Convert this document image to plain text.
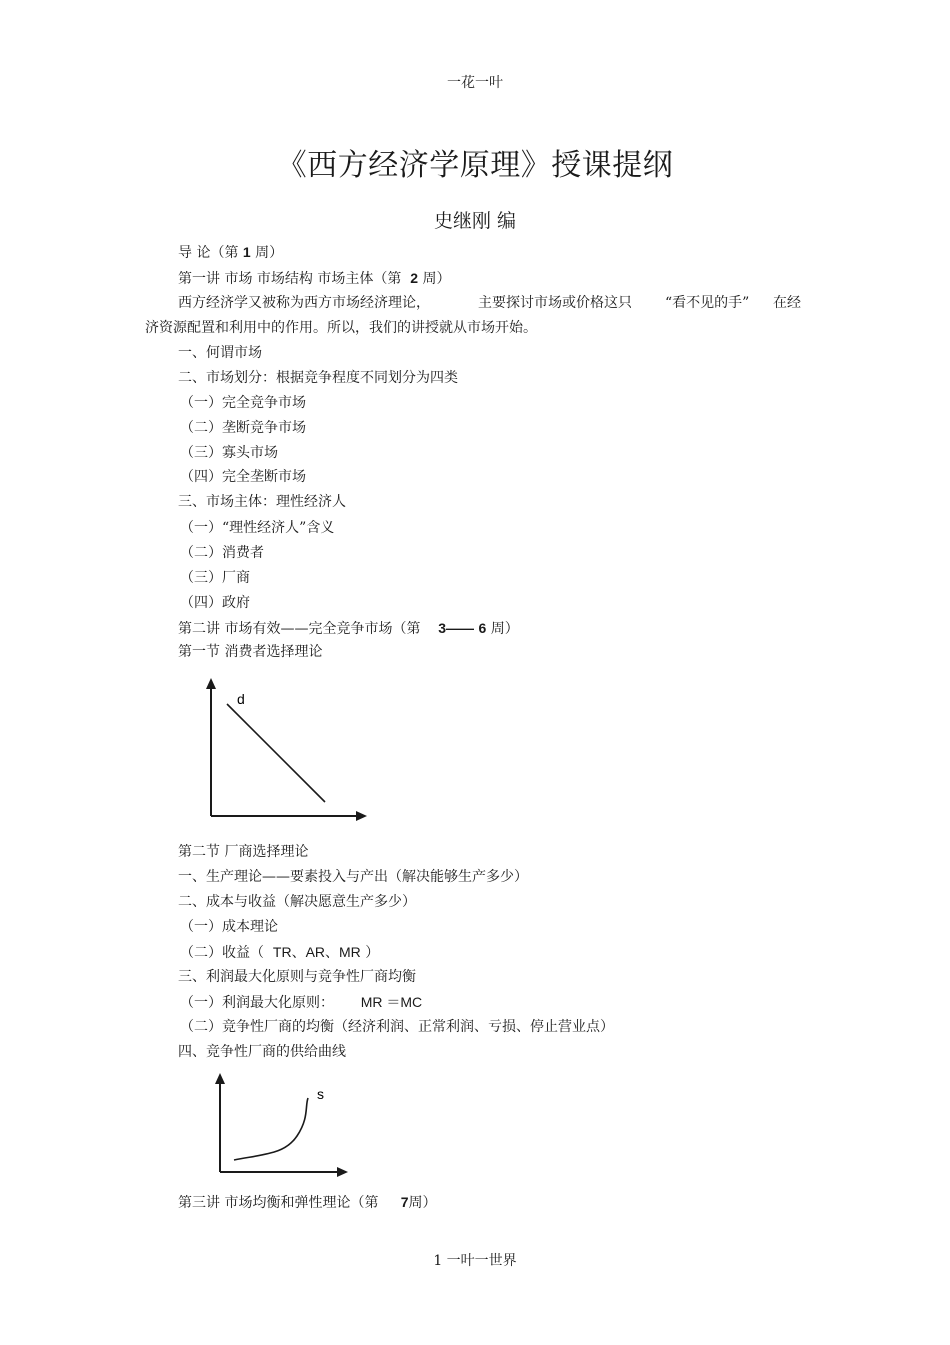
一花一叶
《西方经济学原理》授课提纲
史继刚 编
导 论（第 1 周）
第一讲 市场 市场结构 市场主体（第 2 周）
西方经济学又被称为西方市场经济理论，	主要探讨市场或价格这只 “看不见的手” 在经
济资源配置和利用中的作用。所以，我们的讲授就从市场开始。
一、何谓市场
二、市场划分：根据竞争程度不同划分为四类
（一）完全竞争市场
（二）垄断竞争市场
（三）寡头市场
（四）完全垄断市场
三、市场主体：理性经济人
（一）“理性经济人”含义
（二）消费者
（三）厂商
（四）政府
第二讲 市场有效——完全竞争市场（第 3—— 6 周）
第一节 消费者选择理论
d
第二节 厂商选择理论
一、生产理论——要素投入与产出（解决能够生产多少）
二、成本与收益（解决愿意生产多少）
（一）成本理论
（二）收益（ TR、AR、MR ）
三、利润最大化原则与竞争性厂商均衡
（一）利润最大化原则： MR ＝MC
（二）竞争性厂商的均衡（经济利润、正常利润、亏损、停止营业点）
四、竞争性厂商的供给曲线
s
第三讲 市场均衡和弹性理论（第 7周）
1 一叶一世界
